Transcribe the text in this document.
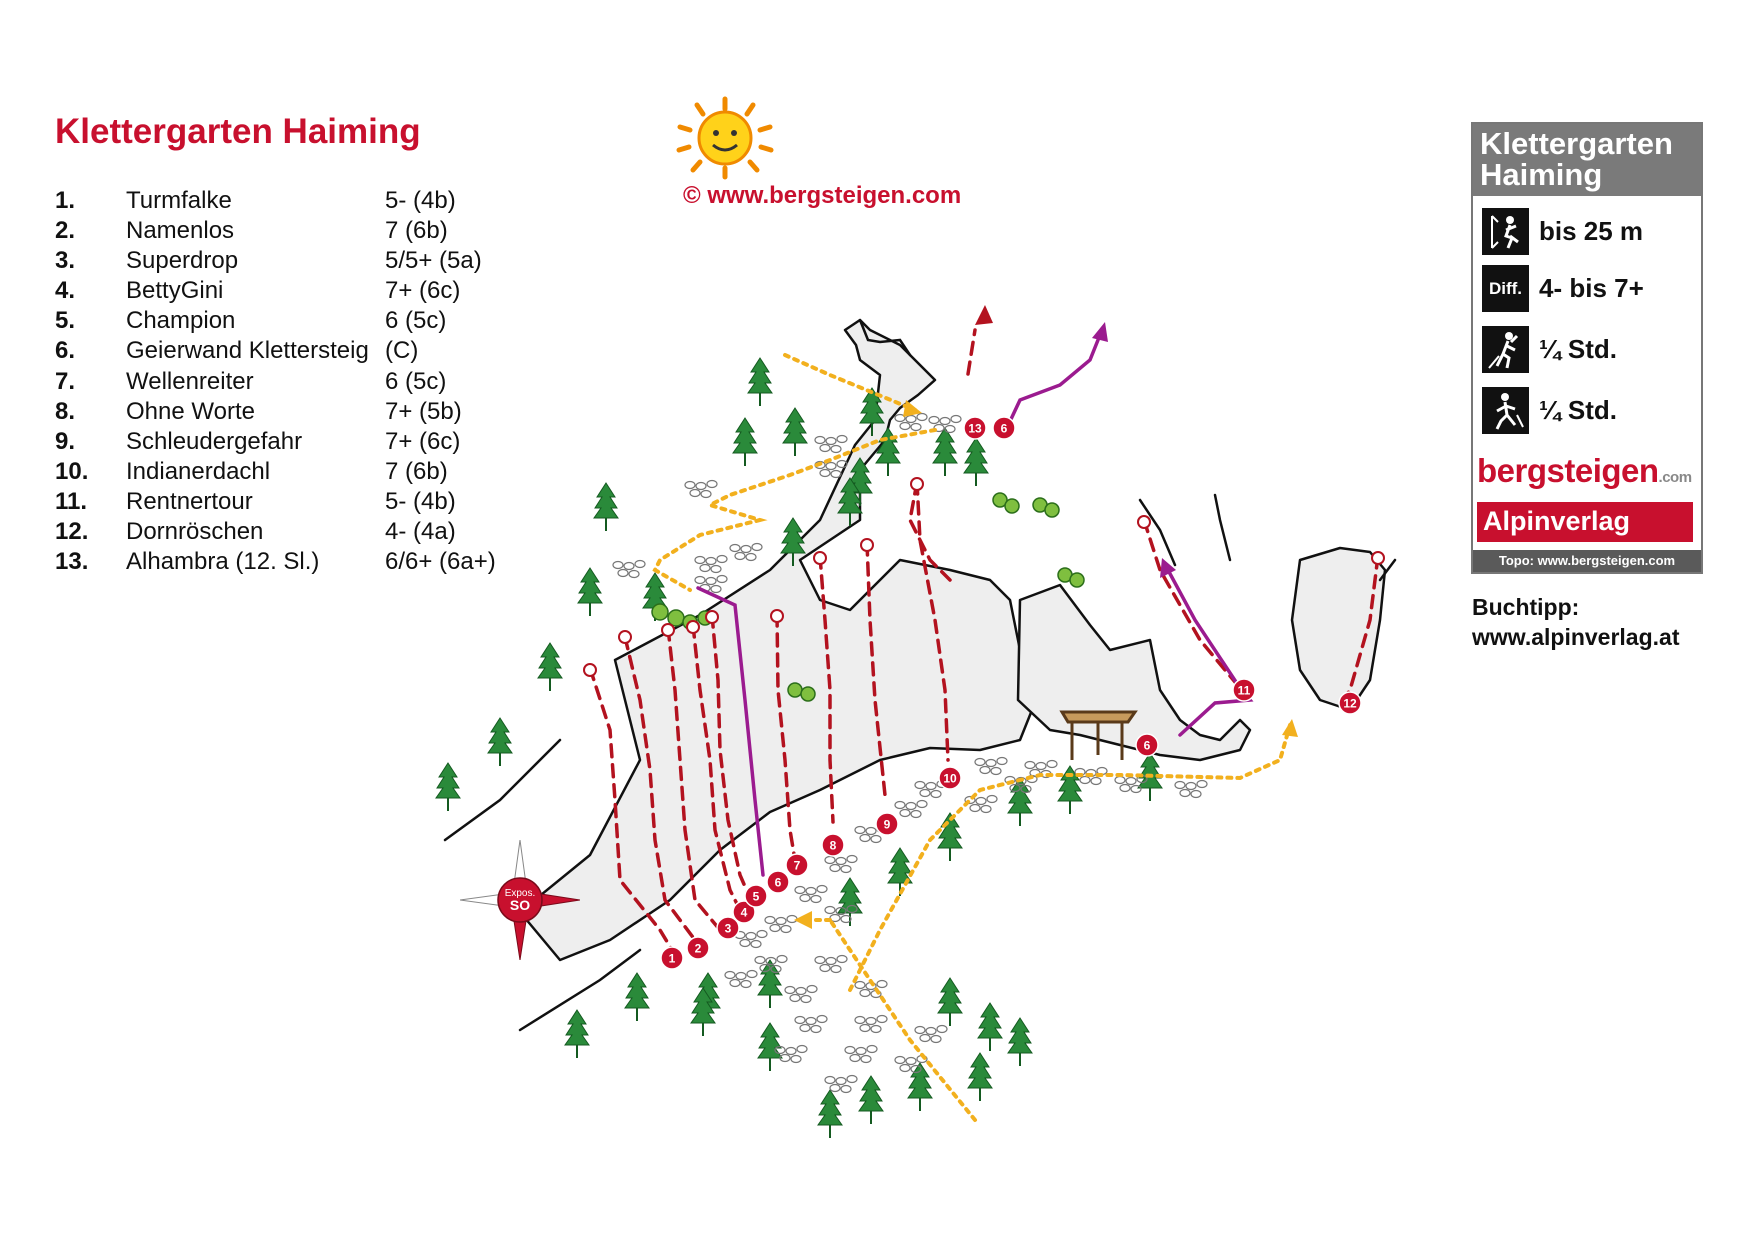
Klettergarten Haiming
1.	Turmfalke	5- (4b)
2.	Namenlos	7 (6b)
3.	Superdrop	5/5+ (5a)
4.	BettyGini	7+ (6c)
5.	Champion	6 (5c)
6.	Geierwand Klettersteig (C)
7.	Wellenreiter	6 (5c)
8.	Ohne Worte	7+ (5b)
9.	Schleudergefahr	7+ (6c)
10.	Indianerdachl	7 (6b)
11.	Rentnertour	5- (4b)
12.	Dornröschen	4- (4a)
13.	Alhambra (12. Sl.)	6/6+ (6a+)
© www.bergsteigen.com
1
2
3
4
5
6
7
8
9
10
11
12
13 6
6
Expos.
SO
Klettergarten
Haiming
bis 25 m
Diff. 4- bis 7+
¼ Std.
¼ Std.
bergsteigen.com
Alpinverlag
Topo: www.bergsteigen.com
Buchtipp:
www.alpinverlag.at
